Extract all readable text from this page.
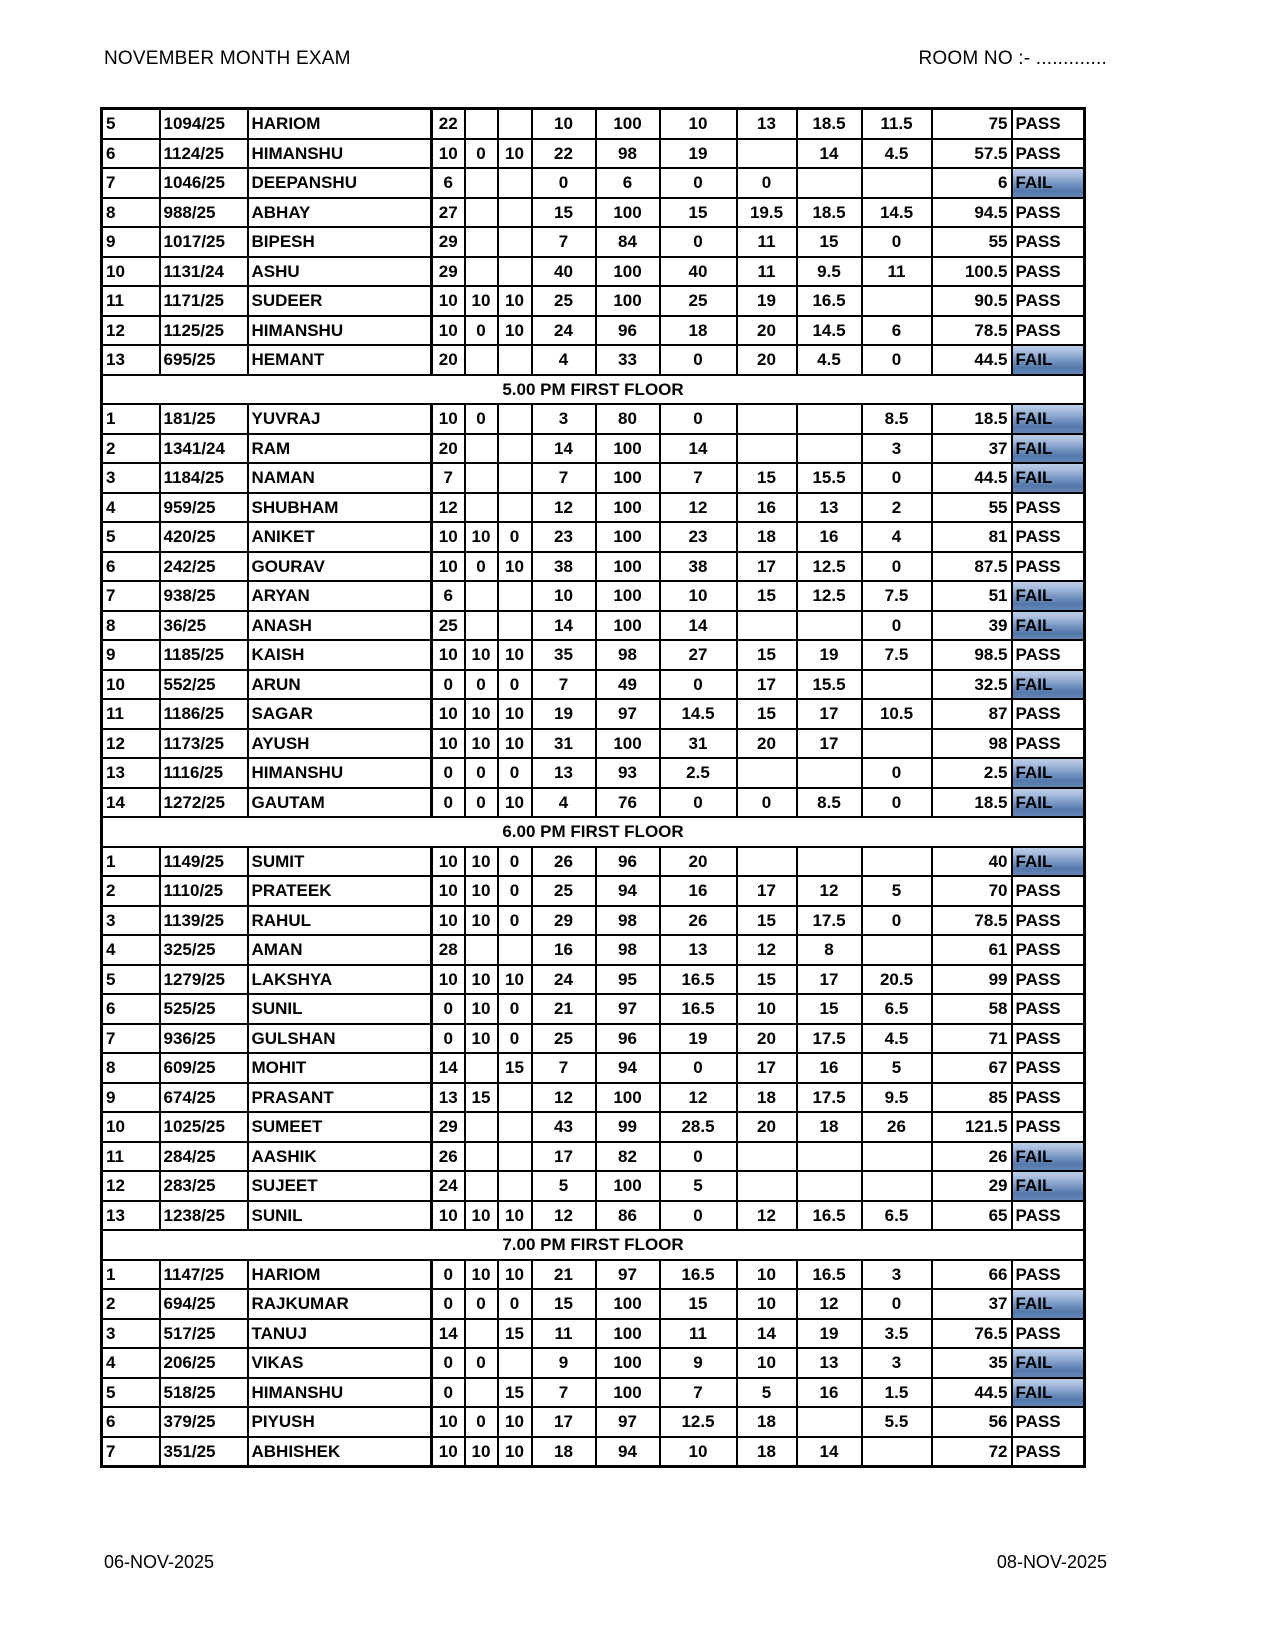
NOVEMBER MONTH EXAM	ROOM NO :- .............
5	1094/25	HARIOM	22			10	100	10	13	18.5	11.5	75	PASS
6	1124/25	HIMANSHU	10	0	10	22	98	19		14	4.5	57.5	PASS
7	1046/25	DEEPANSHU	6			0	6	0	0			6	FAIL
8	988/25	ABHAY	27			15	100	15	19.5	18.5	14.5	94.5	PASS
9	1017/25	BIPESH	29			7	84	0	11	15	0	55	PASS
10	1131/24	ASHU	29			40	100	40	11	9.5	11	100.5	PASS
11	1171/25	SUDEER	10	10	10	25	100	25	19	16.5		90.5	PASS
12	1125/25	HIMANSHU	10	0	10	24	96	18	20	14.5	6	78.5	PASS
13	695/25	HEMANT	20			4	33	0	20	4.5	0	44.5	FAIL
5.00 PM FIRST FLOOR													
1	181/25	YUVRAJ	10	0		3	80	0			8.5	18.5	FAIL
2	1341/24	RAM	20			14	100	14			3	37	FAIL
3	1184/25	NAMAN	7			7	100	7	15	15.5	0	44.5	FAIL
4	959/25	SHUBHAM	12			12	100	12	16	13	2	55	PASS
5	420/25	ANIKET	10	10	0	23	100	23	18	16	4	81	PASS
6	242/25	GOURAV	10	0	10	38	100	38	17	12.5	0	87.5	PASS
7	938/25	ARYAN	6			10	100	10	15	12.5	7.5	51	FAIL
8	36/25	ANASH	25			14	100	14			0	39	FAIL
9	1185/25	KAISH	10	10	10	35	98	27	15	19	7.5	98.5	PASS
10	552/25	ARUN	0	0	0	7	49	0	17	15.5		32.5	FAIL
11	1186/25	SAGAR	10	10	10	19	97	14.5	15	17	10.5	87	PASS
12	1173/25	AYUSH	10	10	10	31	100	31	20	17		98	PASS
13	1116/25	HIMANSHU	0	0	0	13	93	2.5			0	2.5	FAIL
14	1272/25	GAUTAM	0	0	10	4	76	0	0	8.5	0	18.5	FAIL
6.00 PM FIRST FLOOR													
1	1149/25	SUMIT	10	10	0	26	96	20				40	FAIL
2	1110/25	PRATEEK	10	10	0	25	94	16	17	12	5	70	PASS
3	1139/25	RAHUL	10	10	0	29	98	26	15	17.5	0	78.5	PASS
4	325/25	AMAN	28			16	98	13	12	8		61	PASS
5	1279/25	LAKSHYA	10	10	10	24	95	16.5	15	17	20.5	99	PASS
6	525/25	SUNIL	0	10	0	21	97	16.5	10	15	6.5	58	PASS
7	936/25	GULSHAN	0	10	0	25	96	19	20	17.5	4.5	71	PASS
8	609/25	MOHIT	14		15	7	94	0	17	16	5	67	PASS
9	674/25	PRASANT	13	15		12	100	12	18	17.5	9.5	85	PASS
10	1025/25	SUMEET	29			43	99	28.5	20	18	26	121.5	PASS
11	284/25	AASHIK	26			17	82	0				26	FAIL
12	283/25	SUJEET	24			5	100	5				29	FAIL
13	1238/25	SUNIL	10	10	10	12	86	0	12	16.5	6.5	65	PASS
7.00 PM FIRST FLOOR													
1	1147/25	HARIOM	0	10	10	21	97	16.5	10	16.5	3	66	PASS
2	694/25	RAJKUMAR	0	0	0	15	100	15	10	12	0	37	FAIL
3	517/25	TANUJ	14		15	11	100	11	14	19	3.5	76.5	PASS
4	206/25	VIKAS	0	0		9	100	9	10	13	3	35	FAIL
5	518/25	HIMANSHU	0		15	7	100	7	5	16	1.5	44.5	FAIL
6	379/25	PIYUSH	10	0	10	17	97	12.5	18		5.5	56	PASS
7	351/25	ABHISHEK	10	10	10	18	94	10	18	14		72	PASS
06-NOV-2025	08-NOV-2025
